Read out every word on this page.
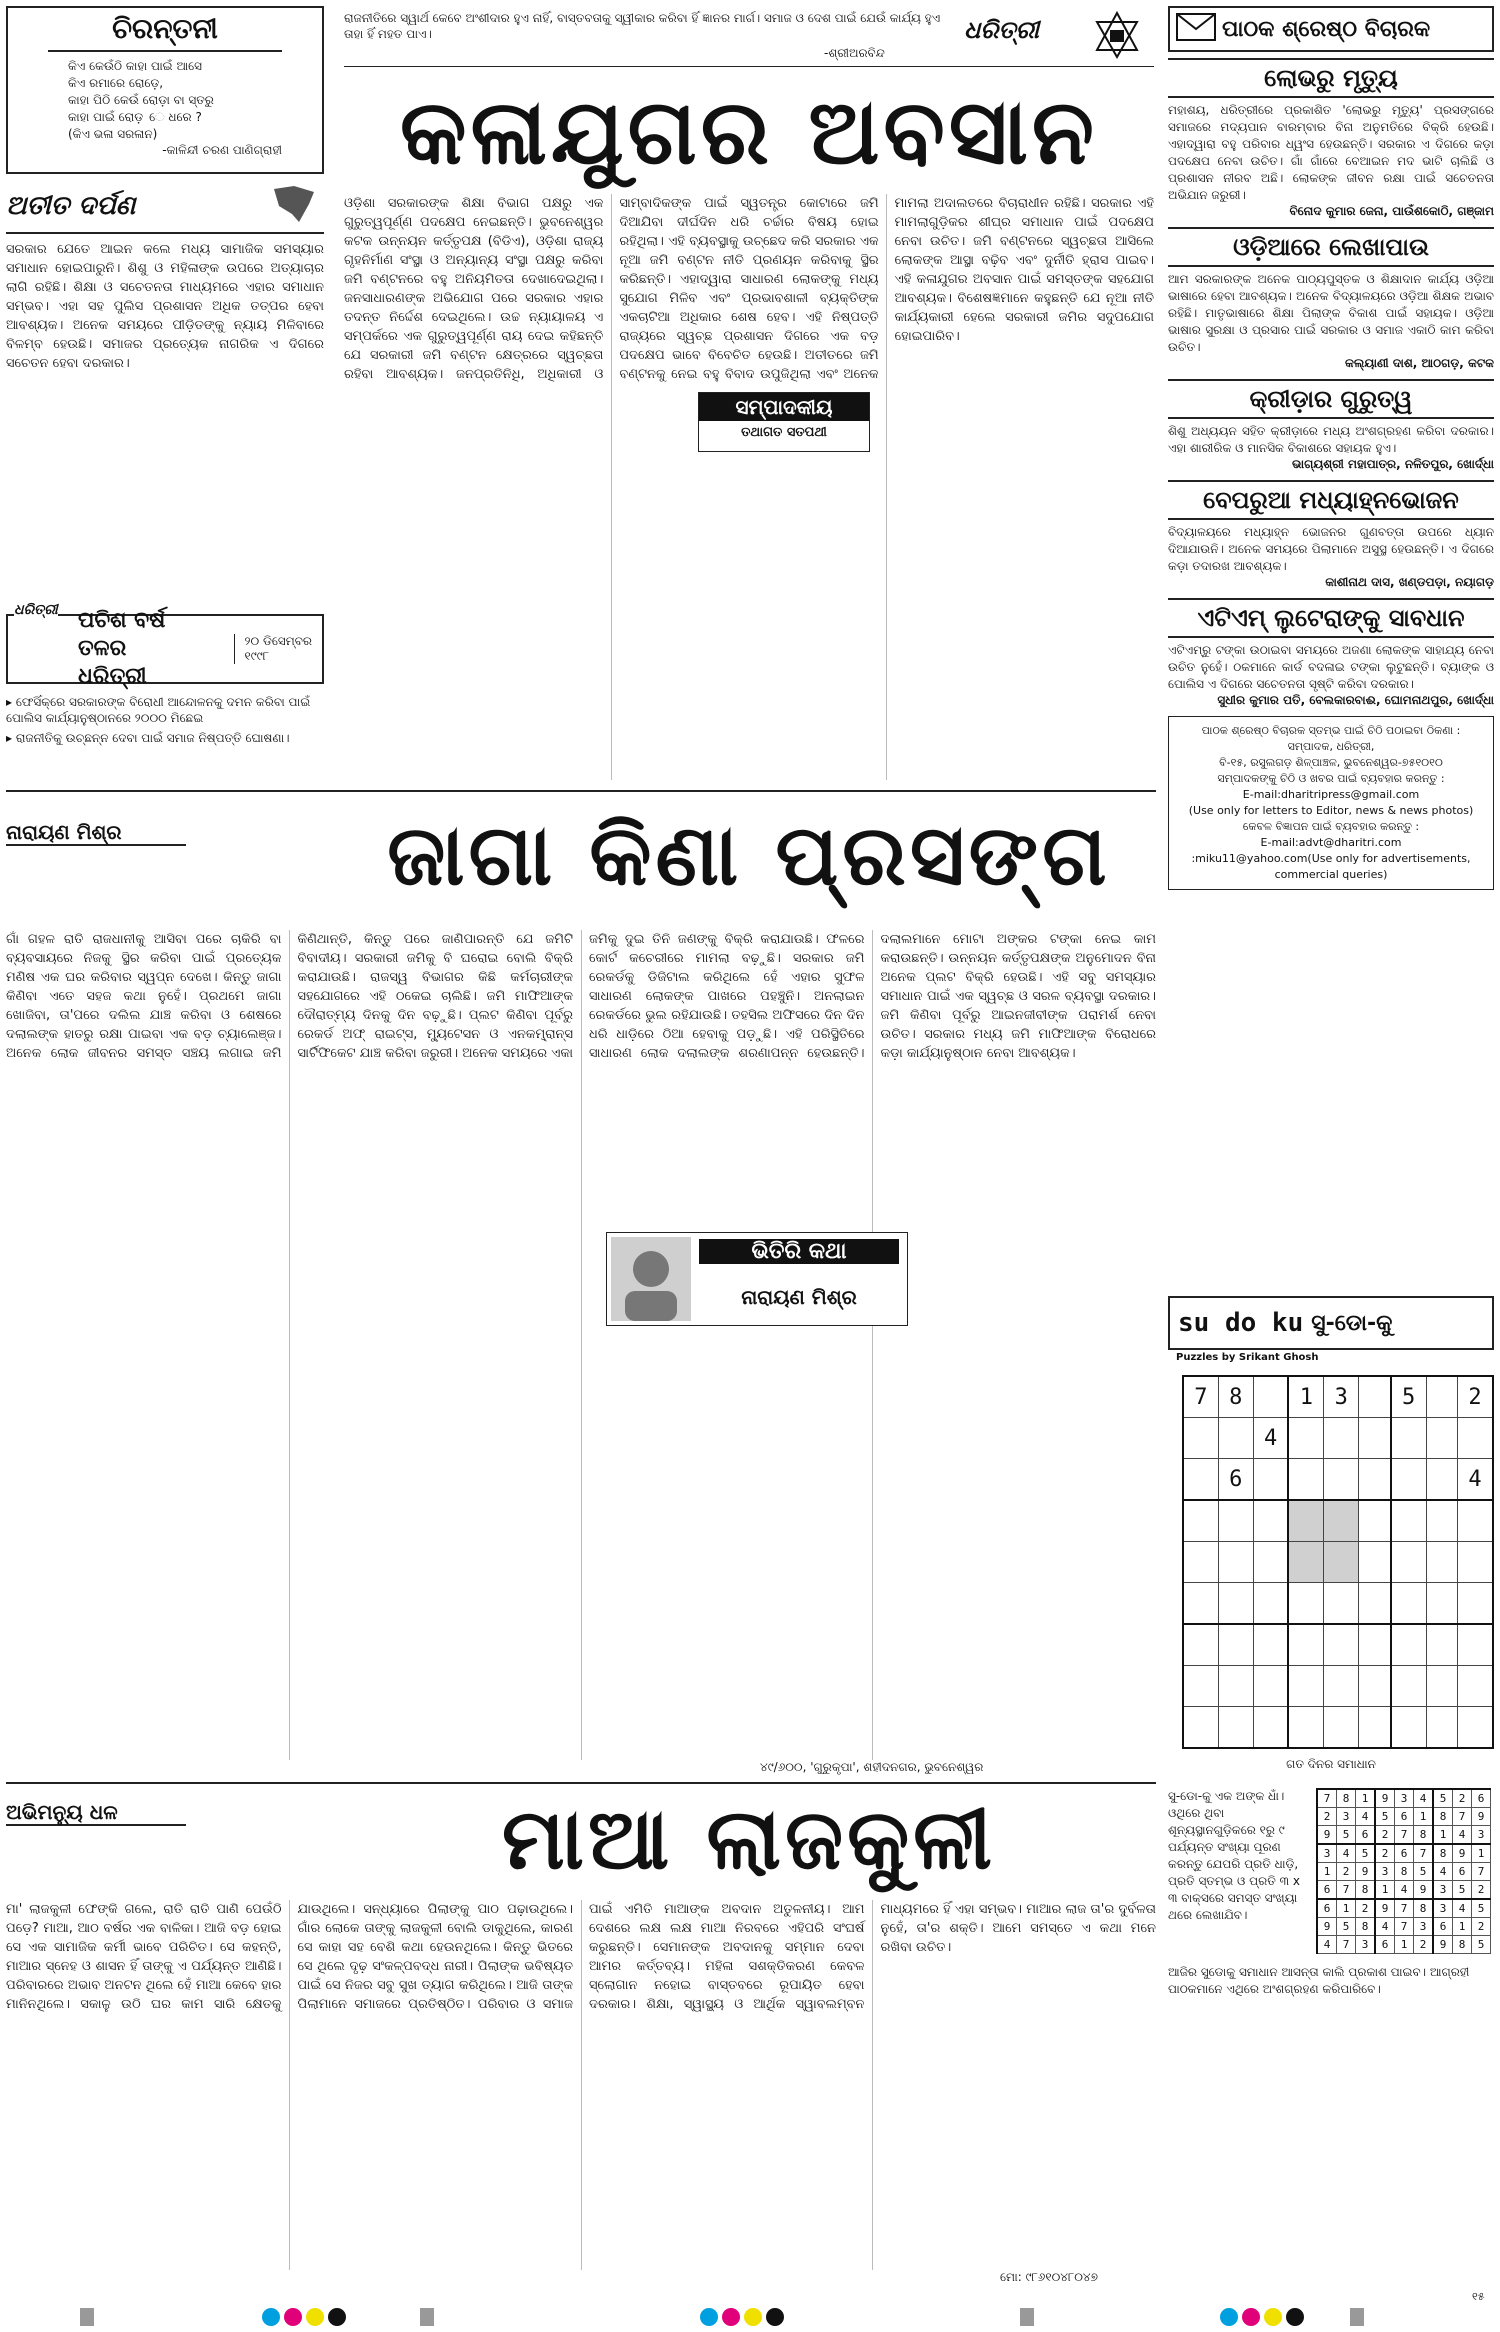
ଚିରନ୍ତନୀ
କିଏ କେଉଁଠି କାହା ପାଇଁ ଆସେ
କିଏ ରମାରେ ରୋଡ଼େ,
କାହା ପିଠି କେଉଁ ରୋଡ଼ା ବା ସ୍ତରୁ
କାହା ପାଇଁ ରୋଡ଼ େ ଧରେ ?
(କିଏ ଭଳା ସରଳାନ)
-କାଳିନ୍ଦୀ ଚରଣ ପାଣିଗ୍ରାହୀ
ରାଜନୀତିରେ ସ୍ୱାର୍ଥ କେବେ ଅଂଶୀଦାର ହୁଏ ନାହିଁ, ବାସ୍ତବତାକୁ ସ୍ୱୀକାର କରିବା ହିଁ ଜ୍ଞାନର ମାର୍ଗ। ସମାଜ ଓ ଦେଶ ପାଇଁ ଯେଉଁ କାର୍ଯ୍ୟ ହୁଏ ତାହା ହିଁ ମହତ ପାଏ।
-ଶ୍ରୀଅରବିନ୍ଦ
ଧରିତ୍ରୀ
କଳାଯୁଗର ଅବସାନ
ଅତୀତ ଦର୍ପଣ
ସରକାର ଯେତେ ଆଇନ କଲେ ମଧ୍ୟ ସାମାଜିକ ସମସ୍ୟାର ସମାଧାନ ହୋଇପାରୁନି। ଶିଶୁ ଓ ମହିଳାଙ୍କ ଉପରେ ଅତ୍ୟାଚାର ଲାଗି ରହିଛି। ଶିକ୍ଷା ଓ ସଚେତନତା ମାଧ୍ୟମରେ ଏହାର ସମାଧାନ ସମ୍ଭବ। ଏହା ସହ ପୁଲିସ ପ୍ରଶାସନ ଅଧିକ ତତ୍ପର ହେବା ଆବଶ୍ୟକ। ଅନେକ ସମୟରେ ପୀଡ଼ିତଙ୍କୁ ନ୍ୟାୟ ମିଳିବାରେ ବିଳମ୍ବ ହେଉଛି। ସମାଜର ପ୍ରତ୍ୟେକ ନାଗରିକ ଏ ଦିଗରେ ସଚେତନ ହେବା ଦରକାର।
ଧରିତ୍ରୀ ପଚିଶ ବର୍ଷ ତଳର ଧରିତ୍ରୀ
୨୦ ଡିସେମ୍ବର
୧୯୯୮
▸ ଫେସିଁକ୍ରେ ସରକାରଙ୍କ ବିରୋଧୀ ଆନ୍ଦୋଳନକୁ ଦମନ କରିବା ପାଇଁ ପୋଲିସ କାର୍ଯ୍ୟାନୁଷ୍ଠାନରେ ୨୦୦୦ ମିଛେଇ
▸ ରାଜନୀତିକୁ ଉଚ୍ଛନ୍ନ ଦେବା ପାଇଁ ସମାଜ ନିଷ୍ପତ୍ତି ଘୋଷଣା।
ଓଡ଼ିଶା ସରକାରଙ୍କ ଶିକ୍ଷା ବିଭାଗ ପକ୍ଷରୁ ଏକ ଗୁରୁତ୍ୱପୂର୍ଣ୍ଣ ପଦକ୍ଷେପ ନେଇଛନ୍ତି। ଭୁବନେଶ୍ୱର କଟକ ଉନ୍ନୟନ କର୍ତ୍ତୃପକ୍ଷ (ବିଡିଏ), ଓଡ଼ିଶା ରାଜ୍ୟ ଗୃହନିର୍ମାଣ ସଂସ୍ଥା ଓ ଅନ୍ୟାନ୍ୟ ସଂସ୍ଥା ପକ୍ଷରୁ କରିବା ଜମି ବଣ୍ଟନରେ ବହୁ ଅନିୟମିତତା ଦେଖାଦେଇଥିଲା। ଜନସାଧାରଣଙ୍କ ଅଭିଯୋଗ ପରେ ସରକାର ଏହାର ତଦନ୍ତ ନିର୍ଦ୍ଦେଶ ଦେଇଥିଲେ। ଉଚ୍ଚ ନ୍ୟାୟାଳୟ ଏ ସମ୍ପର୍କରେ ଏକ ଗୁରୁତ୍ୱପୂର୍ଣ୍ଣ ରାୟ ଦେଇ କହିଛନ୍ତି ଯେ ସରକାରୀ ଜମି ବଣ୍ଟନ କ୍ଷେତ୍ରରେ ସ୍ୱଚ୍ଛତା ରହିବା ଆବଶ୍ୟକ। ଜନପ୍ରତିନିଧି, ଅଧିକାରୀ ଓ ସାମ୍ବାଦିକଙ୍କ ପାଇଁ ସ୍ୱତନ୍ତ୍ର କୋଟାରେ ଜମି ଦିଆଯିବା ଦୀର୍ଘଦିନ ଧରି ଚର୍ଚ୍ଚାର ବିଷୟ ହୋଇ ରହିଥିଲା। ଏହି ବ୍ୟବସ୍ଥାକୁ ଉଚ୍ଛେଦ କରି ସରକାର ଏକ ନୂଆ ଜମି ବଣ୍ଟନ ନୀତି ପ୍ରଣୟନ କରିବାକୁ ସ୍ଥିର କରିଛନ୍ତି। ଏହାଦ୍ୱାରା ସାଧାରଣ ଲୋକଙ୍କୁ ମଧ୍ୟ ସୁଯୋଗ ମିଳିବ ଏବଂ ପ୍ରଭାବଶାଳୀ ବ୍ୟକ୍ତିଙ୍କ ଏକଚାଟିଆ ଅଧିକାର ଶେଷ ହେବ। ଏହି ନିଷ୍ପତ୍ତି ରାଜ୍ୟରେ ସ୍ୱଚ୍ଛ ପ୍ରଶାସନ ଦିଗରେ ଏକ ବଡ଼ ପଦକ୍ଷେପ ଭାବେ ବିବେଚିତ ହେଉଛି। ଅତୀତରେ ଜମି ବଣ୍ଟନକୁ ନେଇ ବହୁ ବିବାଦ ଉପୁଜିଥିଲା ଏବଂ ଅନେକ ମାମଲା ଅଦାଲତରେ ବିଚାରାଧୀନ ରହିଛି। ସରକାର ଏହି ମାମଲାଗୁଡ଼ିକର ଶୀଘ୍ର ସମାଧାନ ପାଇଁ ପଦକ୍ଷେପ ନେବା ଉଚିତ। ଜମି ବଣ୍ଟନରେ ସ୍ୱଚ୍ଛତା ଆସିଲେ ଲୋକଙ୍କ ଆସ୍ଥା ବଢ଼ିବ ଏବଂ ଦୁର୍ନୀତି ହ୍ରାସ ପାଇବ। ଏହି କଳାଯୁଗର ଅବସାନ ପାଇଁ ସମସ୍ତଙ୍କ ସହଯୋଗ ଆବଶ୍ୟକ। ବିଶେଷଜ୍ଞମାନେ କହୁଛନ୍ତି ଯେ ନୂଆ ନୀତି କାର୍ଯ୍ୟକାରୀ ହେଲେ ସରକାରୀ ଜମିର ସଦୁପଯୋଗ ହୋଇପାରିବ।
ସମ୍ପାଦକୀୟ
ତଥାଗତ ସତପଥୀ
ପାଠକ ଶ୍ରେଷ୍ଠ ବିଚାରକ
ଲୋଭରୁ ମୃତ୍ୟୁ
ମହାଶୟ, ଧରିତ୍ରୀରେ ପ୍ରକାଶିତ 'ଲୋଭରୁ ମୃତ୍ୟୁ' ପ୍ରସଙ୍ଗରେ ସମାଜରେ ମଦ୍ୟପାନ ବାରମ୍ବାର ବିନା ଅନୁମତିରେ ବିକ୍ରି ହେଉଛି। ଏହାଦ୍ୱାରା ବହୁ ପରିବାର ଧ୍ୱଂସ ହେଉଛନ୍ତି। ସରକାର ଏ ଦିଗରେ କଡ଼ା ପଦକ୍ଷେପ ନେବା ଉଚିତ। ଗାଁ ଗାଁରେ ବେଆଇନ ମଦ ଭାଟି ଚାଲିଛି ଓ ପ୍ରଶାସନ ନୀରବ ଅଛି। ଲୋକଙ୍କ ଜୀବନ ରକ୍ଷା ପାଇଁ ସଚେତନତା ଅଭିଯାନ ଜରୁରୀ।
ବିନୋଦ କୁମାର ଜେନା, ପାଉଁଶକୋଠି, ଗଞ୍ଜାମ
ଓଡ଼ିଆରେ ଲେଖାପାଉ
ଆମ ସରକାରଙ୍କ ଅନେକ ପାଠ୍ୟପୁସ୍ତକ ଓ ଶିକ୍ଷାଦାନ କାର୍ଯ୍ୟ ଓଡ଼ିଆ ଭାଷାରେ ହେବା ଆବଶ୍ୟକ। ଅନେକ ବିଦ୍ୟାଳୟରେ ଓଡ଼ିଆ ଶିକ୍ଷକ ଅଭାବ ରହିଛି। ମାତୃଭାଷାରେ ଶିକ୍ଷା ପିଲାଙ୍କ ବିକାଶ ପାଇଁ ସହାୟକ। ଓଡ଼ିଆ ଭାଷାର ସୁରକ୍ଷା ଓ ପ୍ରସାର ପାଇଁ ସରକାର ଓ ସମାଜ ଏକାଠି କାମ କରିବା ଉଚିତ।
କଲ୍ୟାଣୀ ଦାଶ, ଆଠଗଡ଼, କଟକ
କ୍ରୀଡ଼ାର ଗୁରୁତ୍ୱ
ଶିଶୁ ଅଧ୍ୟୟନ ସହିତ କ୍ରୀଡ଼ାରେ ମଧ୍ୟ ଅଂଶଗ୍ରହଣ କରିବା ଦରକାର। ଏହା ଶାରୀରିକ ଓ ମାନସିକ ବିକାଶରେ ସହାୟକ ହୁଏ।
ଭାଗ୍ୟଶ୍ରୀ ମହାପାତ୍ର, ନଳିତପୁର, ଖୋର୍ଦ୍ଧା
ବେପରୁଆ ମଧ୍ୟାହ୍ନଭୋଜନ
ବିଦ୍ୟାଳୟରେ ମଧ୍ୟାହ୍ନ ଭୋଜନର ଗୁଣବତ୍ତା ଉପରେ ଧ୍ୟାନ ଦିଆଯାଉନି। ଅନେକ ସମୟରେ ପିଲାମାନେ ଅସୁସ୍ଥ ହେଉଛନ୍ତି। ଏ ଦିଗରେ କଡ଼ା ତଦାରଖ ଆବଶ୍ୟକ।
କାଶୀନାଥ ଦାସ, ଖଣ୍ଡପଡ଼ା, ନୟାଗଡ଼
ଏଟିଏମ୍ ଲୁଟେରାଙ୍କୁ ସାବଧାନ
ଏଟିଏମ୍ରୁ ଟଙ୍କା ଉଠାଇବା ସମୟରେ ଅଜଣା ଲୋକଙ୍କ ସାହାଯ୍ୟ ନେବା ଉଚିତ ନୁହେଁ। ଠକମାନେ କାର୍ଡ ବଦଳାଇ ଟଙ୍କା ଲୁଟୁଛନ୍ତି। ବ୍ୟାଙ୍କ ଓ ପୋଲିସ ଏ ଦିଗରେ ସଚେତନତା ସୃଷ୍ଟି କରିବା ଦରକାର।
ସୁଧୀର କୁମାର ପତି, ବେଲକାରବାଈ, ଘୋମନାଥପୁର, ଖୋର୍ଦ୍ଧା
ପାଠକ ଶ୍ରେଷ୍ଠ ବିଚାରକ ସ୍ତମ୍ଭ ପାଇଁ ଚିଠି ପଠାଇବା ଠିକଣା :
ସମ୍ପାଦକ, ଧରିତ୍ରୀ,
ବି-୧୫, ରସୁଲଗଡ଼ ଶିଳ୍ପାଞ୍ଚଳ, ଭୁବନେଶ୍ୱର-୭୫୧୦୧୦
ସମ୍ପାଦକଙ୍କୁ ଚିଠି ଓ ଖବର ପାଇଁ ବ୍ୟବହାର କରନ୍ତୁ :
E-mail:dharitripress@gmail.com
(Use only for letters to Editor, news & news photos)
କେବଳ ବିଜ୍ଞାପନ ପାଇଁ ବ୍ୟବହାର କରନ୍ତୁ :
E-mail:advt@dharitri.com
:miku11@yahoo.com(Use only for advertisements, commercial queries)
ନାରାୟଣ ମିଶ୍ର	ଜାଗା କିଣା ପ୍ରସଙ୍ଗ
ଗାଁ ଗହଳ ରାତି ରାଜଧାନୀକୁ ଆସିବା ପରେ ଚାକିରି ବା ବ୍ୟବସାୟରେ ନିଜକୁ ସ୍ଥିର କରିବା ପାଇଁ ପ୍ରତ୍ୟେକ ମଣିଷ ଏକ ଘର କରିବାର ସ୍ୱପ୍ନ ଦେଖେ। କିନ୍ତୁ ଜାଗା କିଣିବା ଏତେ ସହଜ କଥା ନୁହେଁ। ପ୍ରଥମେ ଜାଗା ଖୋଜିବା, ତା'ପରେ ଦଲିଲ ଯାଞ୍ଚ କରିବା ଓ ଶେଷରେ ଦଲାଲଙ୍କ ହାତରୁ ରକ୍ଷା ପାଇବା ଏକ ବଡ଼ ଚ୍ୟାଲେଞ୍ଜ। ଅନେକ ଲୋକ ଜୀବନର ସମସ୍ତ ସଞ୍ଚୟ ଲଗାଇ ଜମି କିଣିଥାନ୍ତି, କିନ୍ତୁ ପରେ ଜାଣିପାରନ୍ତି ଯେ ଜମିଟି ବିବାଦୀୟ। ସରକାରୀ ଜମିକୁ ବି ଘରୋଇ ବୋଲି ବିକ୍ରି କରାଯାଉଛି। ରାଜସ୍ୱ ବିଭାଗର କିଛି କର୍ମଚାରୀଙ୍କ ସହଯୋଗରେ ଏହି ଠକେଇ ଚାଲିଛି। ଜମି ମାଫିଆଙ୍କ ଦୌରାତ୍ମ୍ୟ ଦିନକୁ ଦିନ ବଢ଼ୁଛି। ପ୍ଲଟ କିଣିବା ପୂର୍ବରୁ ରେକର୍ଡ ଅଫ୍ ରାଇଟ୍ସ, ମ୍ୟୁଟେସନ ଓ ଏନକମ୍ବ୍ରାନ୍ସ ସାର୍ଟିଫିକେଟ ଯାଞ୍ଚ କରିବା ଜରୁରୀ। ଅନେକ ସମୟରେ ଏକା ଜମିକୁ ଦୁଇ ତିନି ଜଣଙ୍କୁ ବିକ୍ରି କରାଯାଉଛି। ଫଳରେ କୋର୍ଟ କଚେରୀରେ ମାମଲା ବଢ଼ୁଛି। ସରକାର ଜମି ରେକର୍ଡକୁ ଡିଜିଟାଲ କରିଥିଲେ ହେଁ ଏହାର ସୁଫଳ ସାଧାରଣ ଲୋକଙ୍କ ପାଖରେ ପହଞ୍ଚୁନି। ଅନଲାଇନ ରେକର୍ଡରେ ଭୁଲ ରହିଯାଉଛି। ତହସିଲ ଅଫିସରେ ଦିନ ଦିନ ଧରି ଧାଡ଼ିରେ ଠିଆ ହେବାକୁ ପଡ଼ୁଛି। ଏହି ପରିସ୍ଥିତିରେ ସାଧାରଣ ଲୋକ ଦଲାଲଙ୍କ ଶରଣାପନ୍ନ ହେଉଛନ୍ତି। ଦଲାଲମାନେ ମୋଟା ଅଙ୍କର ଟଙ୍କା ନେଇ କାମ କରାଉଛନ୍ତି। ଉନ୍ନୟନ କର୍ତ୍ତୃପକ୍ଷଙ୍କ ଅନୁମୋଦନ ବିନା ଅନେକ ପ୍ଲଟ ବିକ୍ରି ହେଉଛି। ଏହି ସବୁ ସମସ୍ୟାର ସମାଧାନ ପାଇଁ ଏକ ସ୍ୱଚ୍ଛ ଓ ସରଳ ବ୍ୟବସ୍ଥା ଦରକାର। ଜମି କିଣିବା ପୂର୍ବରୁ ଆଇନଜୀବୀଙ୍କ ପରାମର୍ଶ ନେବା ଉଚିତ। ସରକାର ମଧ୍ୟ ଜମି ମାଫିଆଙ୍କ ବିରୋଧରେ କଡ଼ା କାର୍ଯ୍ୟାନୁଷ୍ଠାନ ନେବା ଆବଶ୍ୟକ।
ଭିତିରି କଥା
ନାରାୟଣ ମିଶ୍ର
୪୯/୬୦୦, 'ଗୁରୁକୃପା', ଶହୀଦନଗର, ଭୁବନେଶ୍ୱର
ଅଭିମନ୍ୟୁ ଧଳ	ମାଆ ଲାଜକୁଳୀ
ମା' ଲାଜକୁଳୀ ଫେଙ୍କି ଗଲେ, ରାତି ରାତି ପାଣି ପେଉଁଠି ପଡ଼େ? ମାଆ, ଆଠ ବର୍ଷର ଏକ ବାଳିକା। ଆଜି ବଡ଼ ହୋଇ ସେ ଏକ ସାମାଜିକ କର୍ମୀ ଭାବେ ପରିଚିତ। ସେ କହନ୍ତି, ମାଆର ସ୍ନେହ ଓ ଶାସନ ହିଁ ତାଙ୍କୁ ଏ ପର୍ଯ୍ୟନ୍ତ ଆଣିଛି। ପରିବାରରେ ଅଭାବ ଅନଟନ ଥିଲେ ହେଁ ମାଆ କେବେ ହାର ମାନିନଥିଲେ। ସକାଳୁ ଉଠି ଘର କାମ ସାରି କ୍ଷେତକୁ ଯାଉଥିଲେ। ସନ୍ଧ୍ୟାରେ ପିଲାଙ୍କୁ ପାଠ ପଢ଼ାଉଥିଲେ। ଗାଁର ଲୋକେ ତାଙ୍କୁ ଲାଜକୁଳୀ ବୋଲି ଡାକୁଥିଲେ, କାରଣ ସେ କାହା ସହ ବେଶି କଥା ହେଉନଥିଲେ। କିନ୍ତୁ ଭିତରେ ସେ ଥିଲେ ଦୃଢ଼ ସଂକଳ୍ପବଦ୍ଧ ନାରୀ। ପିଲାଙ୍କ ଭବିଷ୍ୟତ ପାଇଁ ସେ ନିଜର ସବୁ ସୁଖ ତ୍ୟାଗ କରିଥିଲେ। ଆଜି ତାଙ୍କ ପିଲାମାନେ ସମାଜରେ ପ୍ରତିଷ୍ଠିତ। ପରିବାର ଓ ସମାଜ ପାଇଁ ଏମିତି ମାଆଙ୍କ ଅବଦାନ ଅତୁଳନୀୟ। ଆମ ଦେଶରେ ଲକ୍ଷ ଲକ୍ଷ ମାଆ ନିରବରେ ଏହିପରି ସଂଘର୍ଷ କରୁଛନ୍ତି। ସେମାନଙ୍କ ଅବଦାନକୁ ସମ୍ମାନ ଦେବା ଆମର କର୍ତ୍ତବ୍ୟ। ମହିଳା ସଶକ୍ତିକରଣ କେବଳ ସ୍ଲୋଗାନ ନହୋଇ ବାସ୍ତବରେ ରୂପାୟିତ ହେବା ଦରକାର। ଶିକ୍ଷା, ସ୍ୱାସ୍ଥ୍ୟ ଓ ଆର୍ଥିକ ସ୍ୱାବଲମ୍ବନ ମାଧ୍ୟମରେ ହିଁ ଏହା ସମ୍ଭବ। ମାଆର ଲାଜ ତା'ର ଦୁର୍ବଳତା ନୁହେଁ, ତା'ର ଶକ୍ତି। ଆମେ ସମସ୍ତେ ଏ କଥା ମନେ ରଖିବା ଉଚିତ।
ମୋ: ୯୮୬୧୦୪୮୦୪୭
su do ku ସୁ-ଡୋ-କୁ
Puzzles by Srikant Ghosh
7	8		1	3		5		2
		4						
	6							4

ଗତ ଦିନର ସମାଧାନ
ସୁ-ଡୋ-କୁ ଏକ ଅଙ୍କ ଧାଁ। ଓଥିରେ ଥିବା ଶୂନ୍ୟସ୍ଥାନଗୁଡ଼ିକରେ ୧ରୁ ୯ ପର୍ଯ୍ୟନ୍ତ ସଂଖ୍ୟା ପୂରଣ କରନ୍ତୁ ଯେପରି ପ୍ରତି ଧାଡ଼ି, ପ୍ରତି ସ୍ତମ୍ଭ ଓ ପ୍ରତି ୩ x ୩ ବାକ୍ସରେ ସମସ୍ତ ସଂଖ୍ୟା ଥରେ ଲେଖାଯିବ।
7	8	1	9	3	4	5	2	6
2	3	4	5	6	1	8	7	9
9	5	6	2	7	8	1	4	3
3	4	5	2	6	7	8	9	1
1	2	9	3	8	5	4	6	7
6	7	8	1	4	9	3	5	2
6	1	2	9	7	8	3	4	5
9	5	8	4	7	3	6	1	2
4	7	3	6	1	2	9	8	5
ଆଜିର ସୁଡୋକୁ ସମାଧାନ ଆସନ୍ତା କାଲି ପ୍ରକାଶ ପାଇବ। ଆଗ୍ରହୀ ପାଠକମାନେ ଏଥିରେ ଅଂଶଗ୍ରହଣ କରିପାରିବେ।
୧୫
